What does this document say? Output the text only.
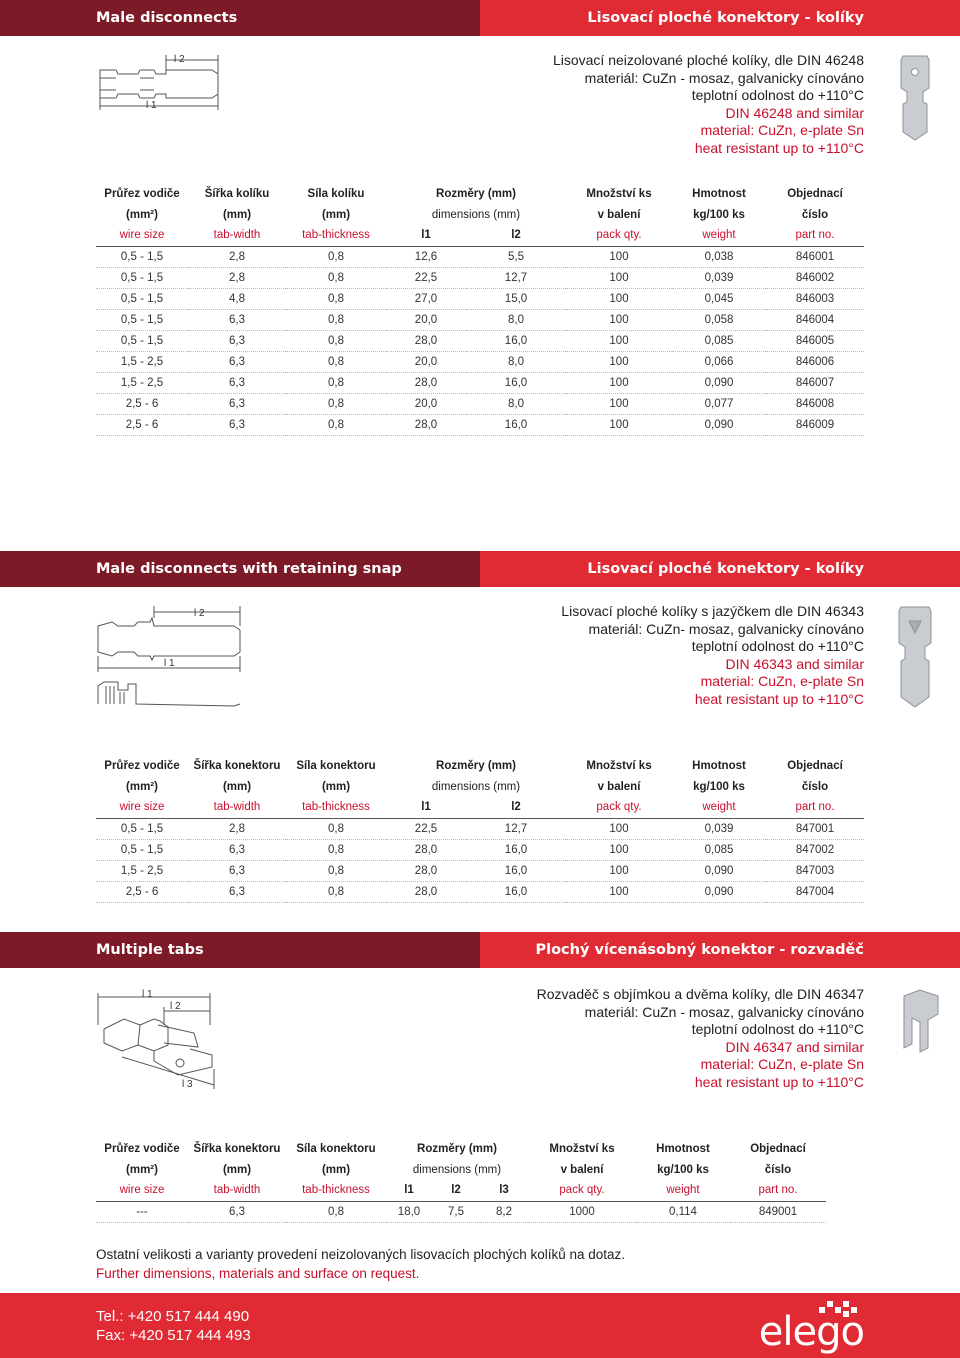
Male disconnects	Lisovací ploché konektory - kolíky
l 2
l 1
Lisovací neizolované ploché kolíky, dle DIN 46248
materiál: CuZn - mosaz, galvanicky cínováno
teplotní odolnost do +110°C
DIN 46248 and similar
material: CuZn, e-plate Sn
heat resistant up to +110°C
Průřez vodiče	Šířka kolíku	Síla kolíku	Rozměry (mm)		Množství ks	Hmotnost	Objednací
(mm²)	(mm)	(mm)	dimensions (mm)		v balení	kg/100 ks	číslo
wire size	tab-width	tab-thickness	l1	l2	pack qty.	weight	part no.
0,5 - 1,5	2,8	0,8	12,6	5,5	100	0,038	846001
0,5 - 1,5	2,8	0,8	22,5	12,7	100	0,039	846002
0,5 - 1,5	4,8	0,8	27,0	15,0	100	0,045	846003
0,5 - 1,5	6,3	0,8	20,0	8,0	100	0,058	846004
0,5 - 1,5	6,3	0,8	28,0	16,0	100	0,085	846005
1,5 - 2,5	6,3	0,8	20,0	8,0	100	0,066	846006
1,5 - 2,5	6,3	0,8	28,0	16,0	100	0,090	846007
2,5 - 6	6,3	0,8	20,0	8,0	100	0,077	846008
2,5 - 6	6,3	0,8	28,0	16,0	100	0,090	846009
Male disconnects with retaining snap	Lisovací ploché konektory - kolíky
l 2
l 1
Lisovací ploché kolíky s jazýčkem dle DIN 46343
materiál: CuZn- mosaz, galvanicky cínováno
teplotní odolnost do +110°C
DIN 46343 and similar
material: CuZn, e-plate Sn
heat resistant up to +110°C
Průřez vodiče	Šířka konektoru	Síla konektoru	Rozměry (mm)		Množství ks	Hmotnost	Objednací
(mm²)	(mm)	(mm)	dimensions (mm)		v balení	kg/100 ks	číslo
wire size	tab-width	tab-thickness	l1	l2	pack qty.	weight	part no.
0,5 - 1,5	2,8	0,8	22,5	12,7	100	0,039	847001
0,5 - 1,5	6,3	0,8	28,0	16,0	100	0,085	847002
1,5 - 2,5	6,3	0,8	28,0	16,0	100	0,090	847003
2,5 - 6	6,3	0,8	28,0	16,0	100	0,090	847004
Multiple tabs	Plochý vícenásobný konektor - rozvaděč
l 1
l 2
l 3
Rozvaděč s objímkou a dvěma kolíky, dle DIN 46347
materiál: CuZn - mosaz, galvanicky cínováno
teplotní odolnost do +110°C
DIN 46347 and similar
material: CuZn, e-plate Sn
heat resistant up to +110°C
Průřez vodiče	Šířka konektoru	Síla konektoru	Rozměry (mm)			Množství ks	Hmotnost	Objednací
(mm²)	(mm)	(mm)	dimensions (mm)			v balení	kg/100 ks	číslo
wire size	tab-width	tab-thickness	l1	l2	l3	pack qty.	weight	part no.
---	6,3	0,8	18,0	7,5	8,2	1000	0,114	849001
Ostatní velikosti a varianty provedení neizolovaných lisovacích plochých kolíků na dotaz.
Further dimensions, materials and surface on request.
Tel.: +420 517 444 490
Fax: +420 517 444 493	elego
